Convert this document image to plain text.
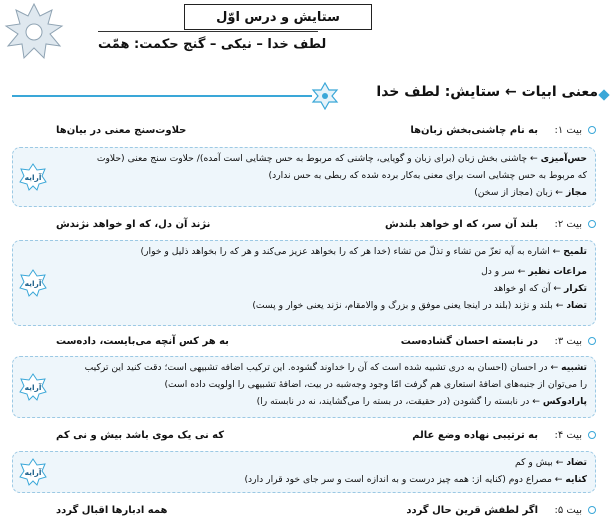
ستایش و درس اوّل
لطف خدا – نیکی – گنج حکمت: همّت
معنی ابیات ← ستایش: لطف خدا
بیت ۱:
به نام چاشنی‌بخش زبان‌ها
حلاوت‌سنج معنی در بیان‌ها

حس‌آمیزی ← چاشنی بخش زبان (برای زبان و گویایی، چاشنی که مربوط به حس چشایی است آمده)/ حلاوت سنج معنی (حلاوت

که مربوط به حس چشایی است برای معنی به‌کار برده شده که ربطی به حس ندارد)

مجاز ← زبان (مجاز از سخن)

آرایه
بیت ۲:
بلند آن سر، که او خواهد بلندش
نژند آن دل، که او خواهد نژندش

تلمیح ← اشاره به آیه تعزّ من تشاء و تذلّ من تشاء (خدا هر که را بخواهد عزیز می‌کند و هر که را بخواهد ذلیل و خوار)

مراعات نظیر ← سر و دل

تکرار ← آن که او خواهد

تضاد ← بلند و نژند (بلند در اینجا یعنی موفق و بزرگ و والامقام، نژند یعنی خوار و پست)

آرایه
بیت ۳:
در نابسته احسان گشاده‌ست
به هر کس آنچه می‌بایست، داده‌ست

تشبیه ← در احسان (احسان به دری تشبیه شده است که آن را خداوند گشوده. این ترکیب اضافه تشبیهی است؛ دقت کنید این ترکیب

را می‌توان از جنبه‌های اضافهٔ استعاری هم گرفت امّا وجود وجه‌شبه در بیت، اضافهٔ تشبیهی را اولویت داده است)

پارادوکس ← در نابسته را گشودن (در حقیقت، در بسته را می‌گشایند، نه در نابسته را)

آرایه
بیت ۴:
به ترتیبی نهاده وضع عالم
که نی یک موی باشد بیش و نی کم

تضاد ← بیش و کم

کنایه ← مصراع دوم (کنایه از: همه چیز درست و به اندازه است و سر جای خود قرار دارد)

آرایه
بیت ۵:
اگر لطفش قرین حال گردد
همه ادبارها اقبال گردد
